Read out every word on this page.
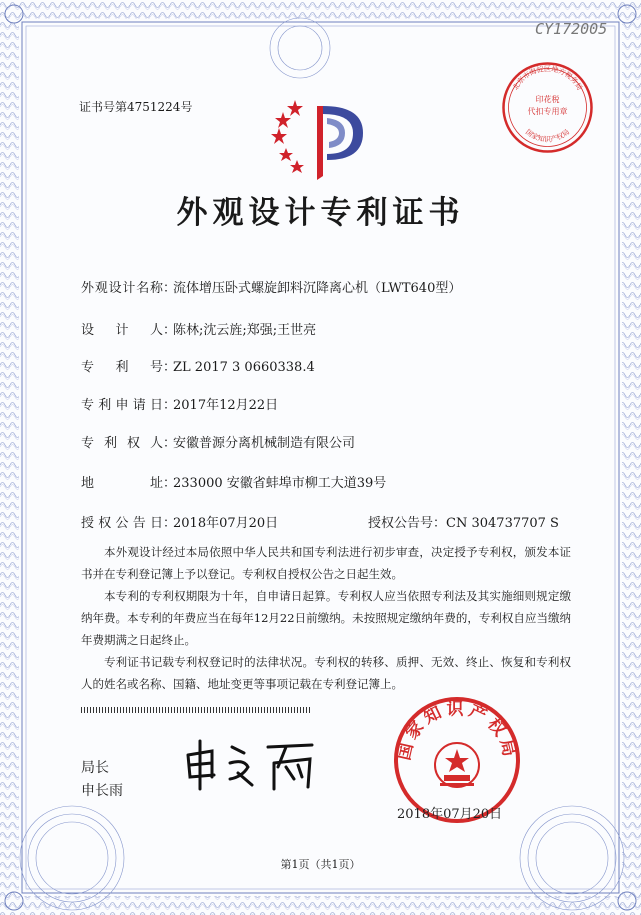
CY172005
证书号第4751224号
北京市海淀区地方税务局
印花税
代扣专用章
国家知识产权局
外观设计专利证书
外观设计名称：流体增压卧式螺旋卸料沉降离心机（LWT640型）
设计人：陈林;沈云旌;郑强;王世亮
专利号：ZL 2017 3 0660338.4
专利申请日：2017年12月22日
专利权人：安徽普源分离机械制造有限公司
地址：233000 安徽省蚌埠市柳工大道39号
授权公告日：2018年07月20日	授权公告号：CN 304737707 S
本外观设计经过本局依照中华人民共和国专利法进行初步审查，决定授予专利权，颁发本证书并在专利登记簿上予以登记。专利权自授权公告之日起生效。
本专利的专利权期限为十年，自申请日起算。专利权人应当依照专利法及其实施细则规定缴纳年费。本专利的年费应当在每年12月22日前缴纳。未按照规定缴纳年费的，专利权自应当缴纳年费期满之日起终止。
专利证书记载专利权登记时的法律状况。专利权的转移、质押、无效、终止、恢复和专利权人的姓名或名称、国籍、地址变更等事项记载在专利登记簿上。
局长
申长雨
国家知识产权局
2018年07月20日
第1页（共1页）
